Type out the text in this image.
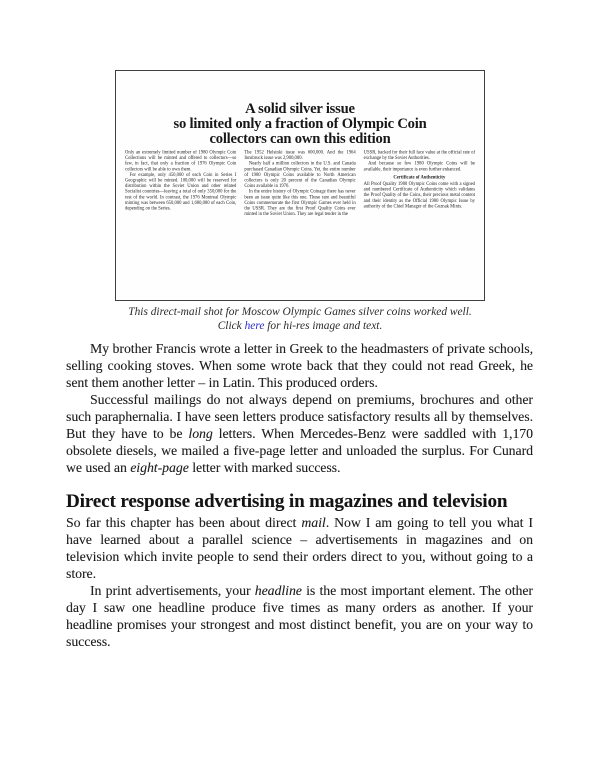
A solid silver issue
so limited only a fraction of Olympic Coin
collectors can own this edition

Only an extremely limited number of 1980 Olympic Coin Collections will be minted and offered to collectors—so few, in fact, that only a fraction of 1976 Olympic Coin collectors will be able to own them.

For example, only 450,000 of each Coin in Series I Geographic will be minted. 100,000 will be reserved for distribution within the Soviet Union and other related Socialist countries—leaving a total of only 350,000 for the rest of the world. In contrast, the 1976 Montreal Olympic minting was between 650,000 and 1,680,000 of each Coin, depending on the Series.

The 1952 Helsinki issue was 600,000. And the 1964 Innsbruck issue was 2,900,000.

Nearly half a million collectors in the U.S. and Canada purchased Canadian Olympic Coins. Yet, the entire number of 1980 Olympic Coins available to North American collectors is only 20 percent of the Canadian Olympic Coins available in 1976.

In the entire history of Olympic Coinage there has never been an issue quite like this one. These rare and beautiful Coins commemorate the first Olympic Games ever held in the USSR. They are the first Proof Quality Coins ever minted in the Soviet Union. They are legal tender in the

USSR, backed for their full face value at the official rate of exchange by the Soviet Authorities.

And because so few 1980 Olympic Coins will be available, their importance is even further enhanced.

Certificate of Authenticity

All Proof Quality 1980 Olympic Coins come with a signed and numbered Certificate of Authenticity which validates the Proof Quality of the Coins, their precious metal content and their identity as the Official 1980 Olympic Issue by authority of the Chief Manager of the Goznak Mints.

This direct-mail shot for Moscow Olympic Games silver coins worked well.
Click here for hi-res image and text.

My brother Francis wrote a letter in Greek to the headmasters of private schools, selling cooking stoves. When some wrote back that they could not read Greek, he sent them another letter – in Latin. This produced orders.

Successful mailings do not always depend on premiums, brochures and other such paraphernalia. I have seen letters produce satisfactory results all by themselves. But they have to be long letters. When Mercedes-Benz were saddled with 1,170 obsolete diesels, we mailed a five-page letter and unloaded the surplus. For Cunard we used an eight-page letter with marked success.

Direct response advertising in magazines and television

So far this chapter has been about direct mail. Now I am going to tell you what I have learned about a parallel science – advertisements in magazines and on television which invite people to send their orders direct to you, without going to a store.

In print advertisements, your headline is the most important element. The other day I saw one headline produce five times as many orders as another. If your headline promises your strongest and most distinct benefit, you are on your way to success.
